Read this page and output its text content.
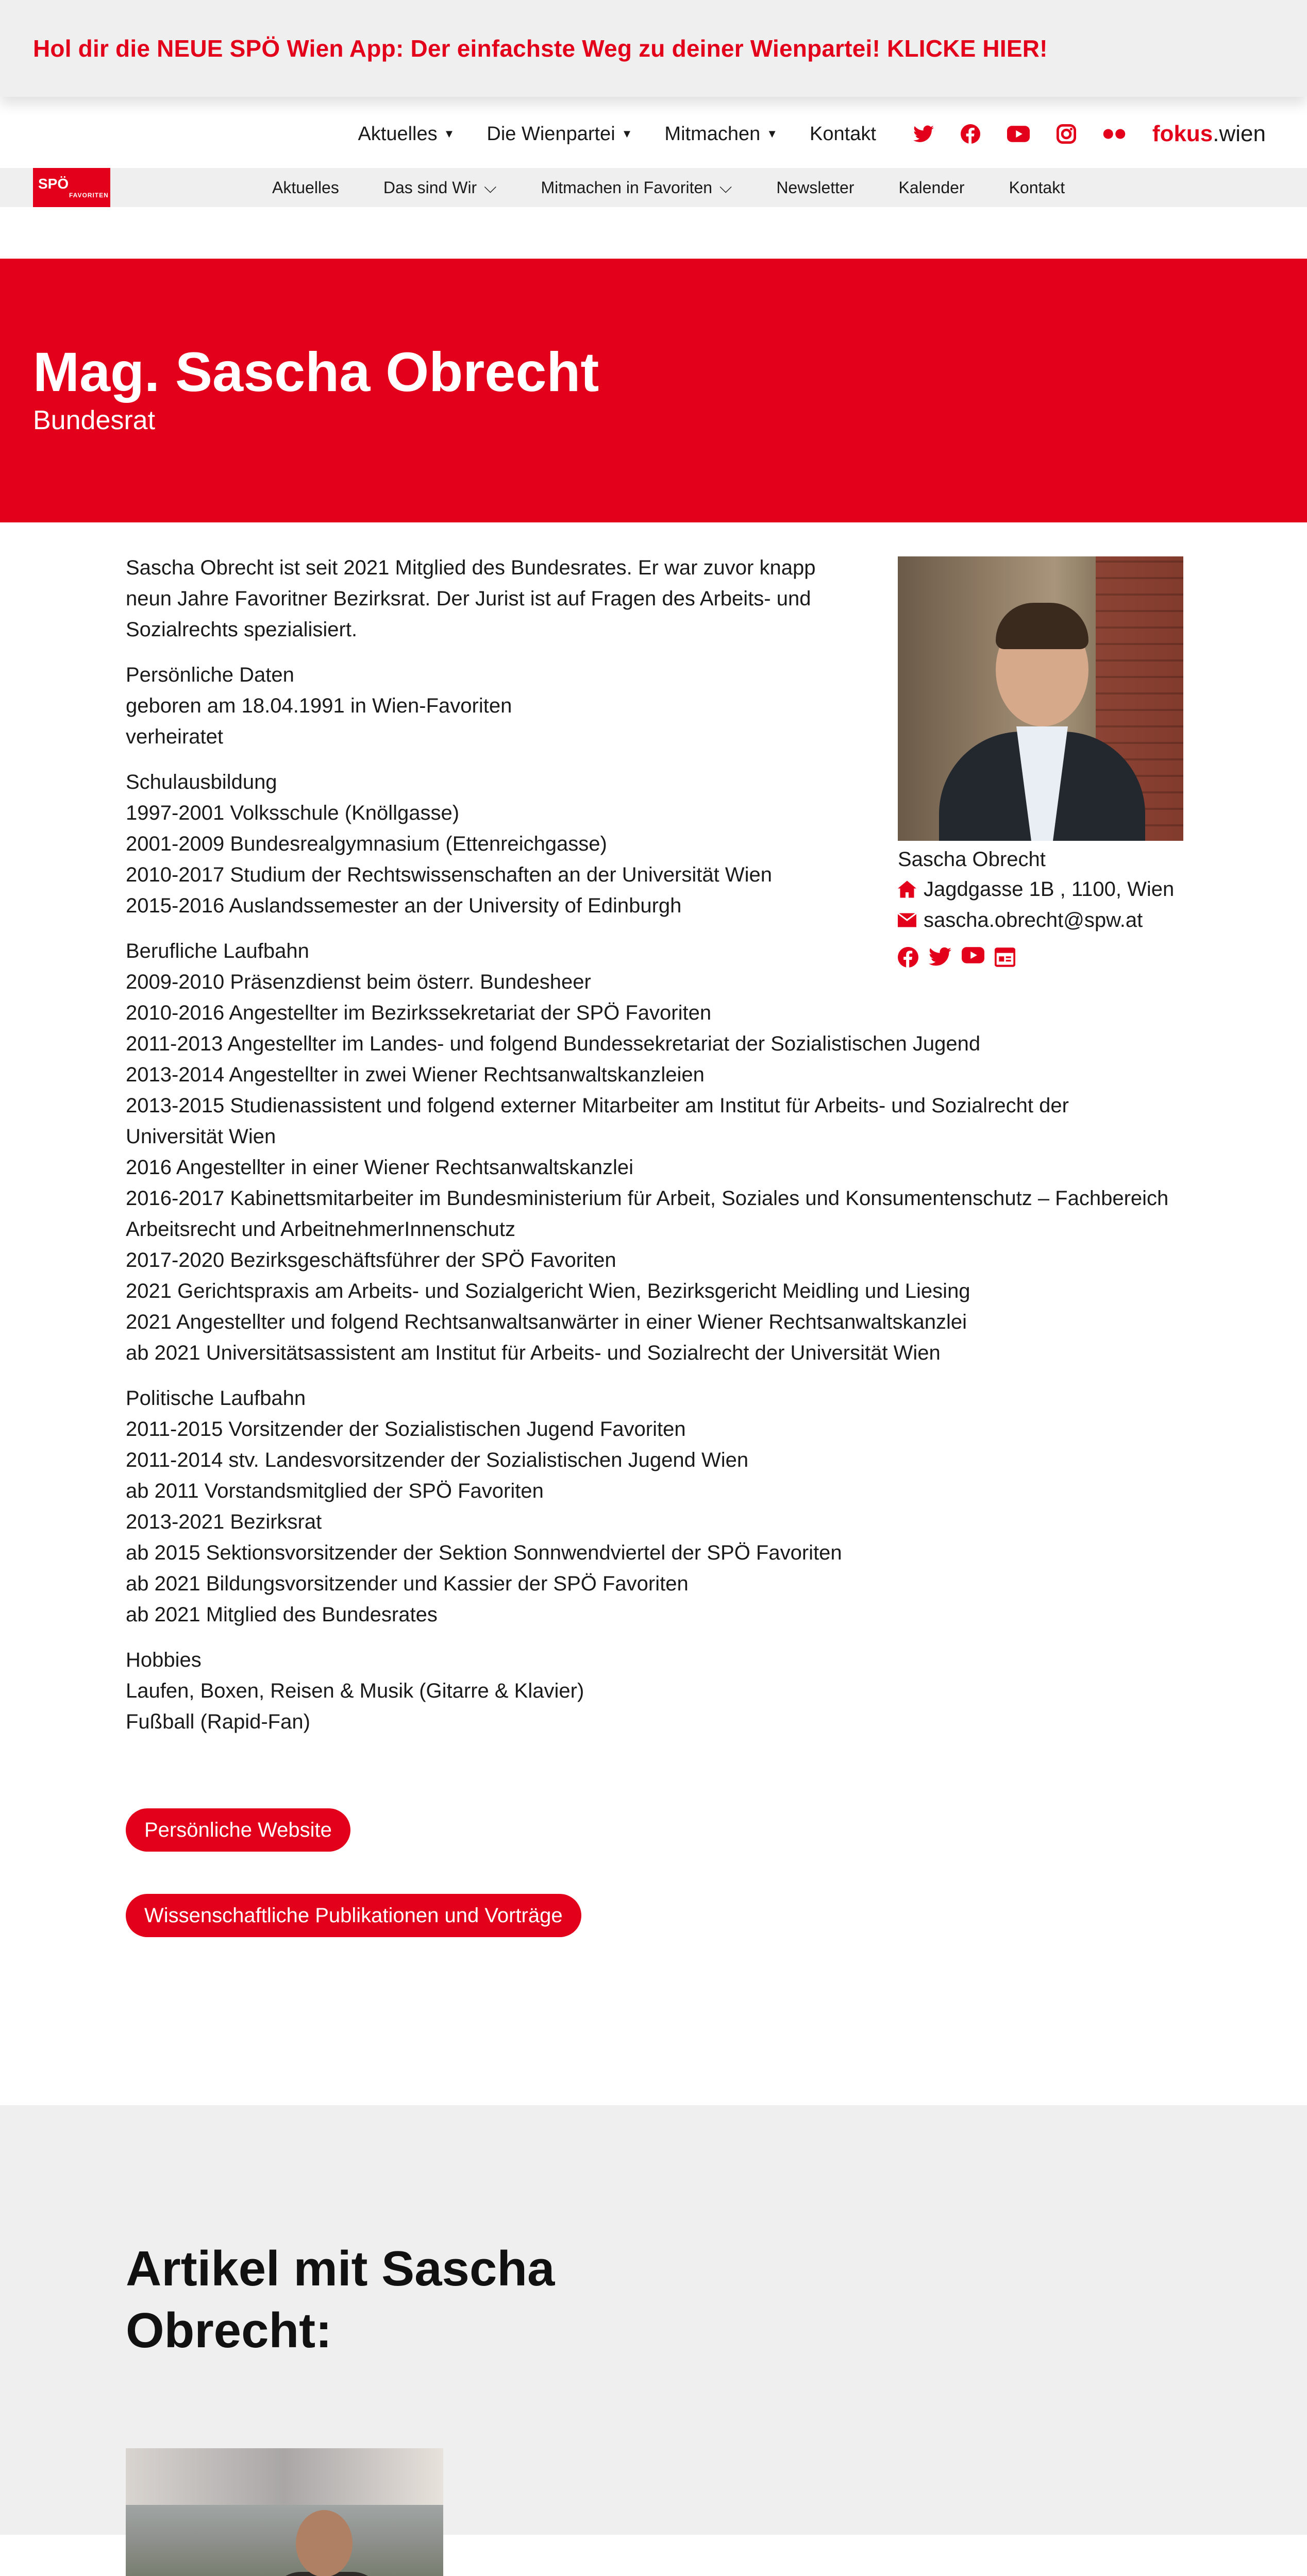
Hol dir die NEUE SPÖ Wien App: Der einfachste Weg zu deiner Wienpartei! KLICKE HIER!
Aktuelles ▼ Die Wienpartei ▼ Mitmachen ▼ Kontakt	fokus.wien
SPÖ
FAVORITEN	Aktuelles	Das sind Wir ⌵	Mitmachen in Favoriten ⌵	Newsletter	Kalender	Kontakt
Mag. Sascha Obrecht
Bundesrat

Sascha Obrecht ist seit 2021 Mitglied des Bundesrates. Er war zuvor knapp neun Jahre Favoritner Bezirksrat. Der Jurist ist auf Fragen des Arbeits- und Sozialrechts spezialisiert.

Persönliche Daten
geboren am 18.04.1991 in Wien-Favoriten
verheiratet
Schulausbildung
1997-2001 Volksschule (Knöllgasse)
2001-2009 Bundesrealgymnasium (Ettenreichgasse)
2010-2017 Studium der Rechtswissenschaften an der Universität Wien
2015-2016 Auslandssemester an der University of Edinburgh
Berufliche Laufbahn
2009-2010 Präsenzdienst beim österr. Bundesheer
2010-2016 Angestellter im Bezirkssekretariat der SPÖ Favoriten
2011-2013 Angestellter im Landes- und folgend Bundessekretariat der Sozialistischen Jugend
2013-2014 Angestellter in zwei Wiener Rechtsanwaltskanzleien
2013-2015 Studienassistent und folgend externer Mitarbeiter am Institut für Arbeits- und Sozialrecht der Universität Wien
2016 Angestellter in einer Wiener Rechtsanwaltskanzlei
2016-2017 Kabinettsmitarbeiter im Bundesministerium für Arbeit, Soziales und Konsumentenschutz – Fachbereich Arbeitsrecht und ArbeitnehmerInnenschutz
2017-2020 Bezirksgeschäftsführer der SPÖ Favoriten
2021 Gerichtspraxis am Arbeits- und Sozialgericht Wien, Bezirksgericht Meidling und Liesing
2021 Angestellter und folgend Rechtsanwaltsanwärter in einer Wiener Rechtsanwaltskanzlei
ab 2021 Universitätsassistent am Institut für Arbeits- und Sozialrecht der Universität Wien
Politische Laufbahn
2011-2015 Vorsitzender der Sozialistischen Jugend Favoriten
2011-2014 stv. Landesvorsitzender der Sozialistischen Jugend Wien
ab 2011 Vorstandsmitglied der SPÖ Favoriten
2013-2021 Bezirksrat
ab 2015 Sektionsvorsitzender der Sektion Sonnwendviertel der SPÖ Favoriten
ab 2021 Bildungsvorsitzender und Kassier der SPÖ Favoriten
ab 2021 Mitglied des Bundesrates
Hobbies
Laufen, Boxen, Reisen & Musik (Gitarre & Klavier)
Fußball (Rapid-Fan)
Sascha Obrecht
Jagdgasse 1B , 1100, Wien
sascha.obrecht@spw.at
Persönliche Website
Wissenschaftliche Publikationen und Vorträge
Artikel mit Sascha Obrecht:
